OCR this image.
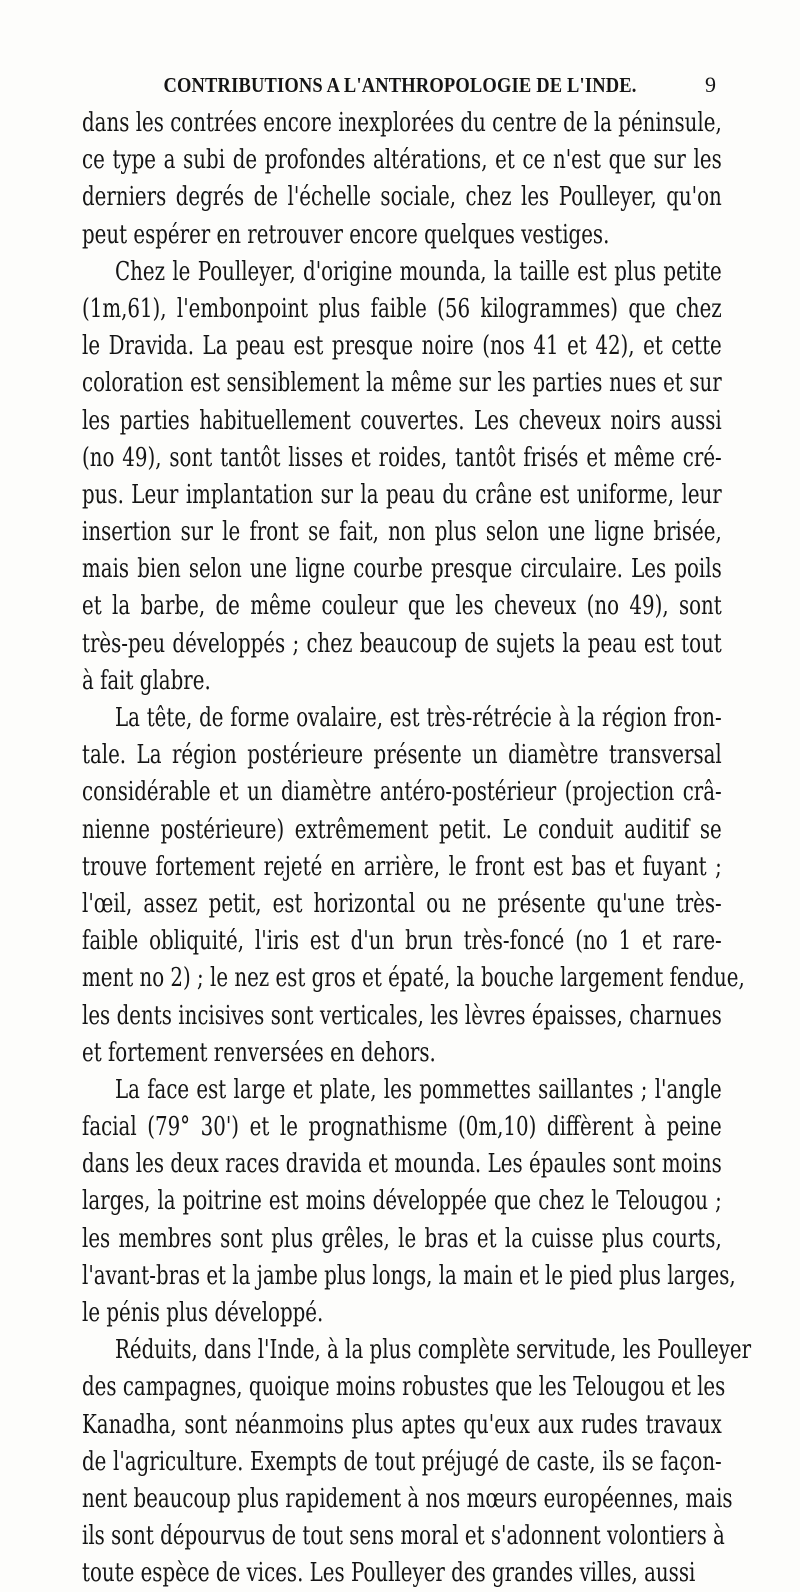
CONTRIBUTIONS A L'ANTHROPOLOGIE DE L'INDE.	9
dans les contrées encore inexplorées du centre de la péninsule,
ce type a subi de profondes altérations, et ce n'est que sur les
derniers degrés de l'échelle sociale, chez les Poulleyer, qu'on
peut espérer en retrouver encore quelques vestiges.
Chez le Poulleyer, d'origine mounda, la taille est plus petite
(1m,61), l'embonpoint plus faible (56 kilogrammes) que chez
le Dravida. La peau est presque noire (nos 41 et 42), et cette
coloration est sensiblement la même sur les parties nues et sur
les parties habituellement couvertes. Les cheveux noirs aussi
(no 49), sont tantôt lisses et roides, tantôt frisés et même cré-
pus. Leur implantation sur la peau du crâne est uniforme, leur
insertion sur le front se fait, non plus selon une ligne brisée,
mais bien selon une ligne courbe presque circulaire. Les poils
et la barbe, de même couleur que les cheveux (no 49), sont
très-peu développés ; chez beaucoup de sujets la peau est tout
à fait glabre.
La tête, de forme ovalaire, est très-rétrécie à la région fron-
tale. La région postérieure présente un diamètre transversal
considérable et un diamètre antéro-postérieur (projection crâ-
nienne postérieure) extrêmement petit. Le conduit auditif se
trouve fortement rejeté en arrière, le front est bas et fuyant ;
l'œil, assez petit, est horizontal ou ne présente qu'une très-
faible obliquité, l'iris est d'un brun très-foncé (no 1 et rare-
ment no 2) ; le nez est gros et épaté, la bouche largement fendue,
les dents incisives sont verticales, les lèvres épaisses, charnues
et fortement renversées en dehors.
La face est large et plate, les pommettes saillantes ; l'angle
facial (79° 30') et le prognathisme (0m,10) diffèrent à peine
dans les deux races dravida et mounda. Les épaules sont moins
larges, la poitrine est moins développée que chez le Telougou ;
les membres sont plus grêles, le bras et la cuisse plus courts,
l'avant-bras et la jambe plus longs, la main et le pied plus larges,
le pénis plus développé.
Réduits, dans l'Inde, à la plus complète servitude, les Poulleyer
des campagnes, quoique moins robustes que les Telougou et les
Kanadha, sont néanmoins plus aptes qu'eux aux rudes travaux
de l'agriculture. Exempts de tout préjugé de caste, ils se façon-
nent beaucoup plus rapidement à nos mœurs européennes, mais
ils sont dépourvus de tout sens moral et s'adonnent volontiers à
toute espèce de vices. Les Poulleyer des grandes villes, aussi
